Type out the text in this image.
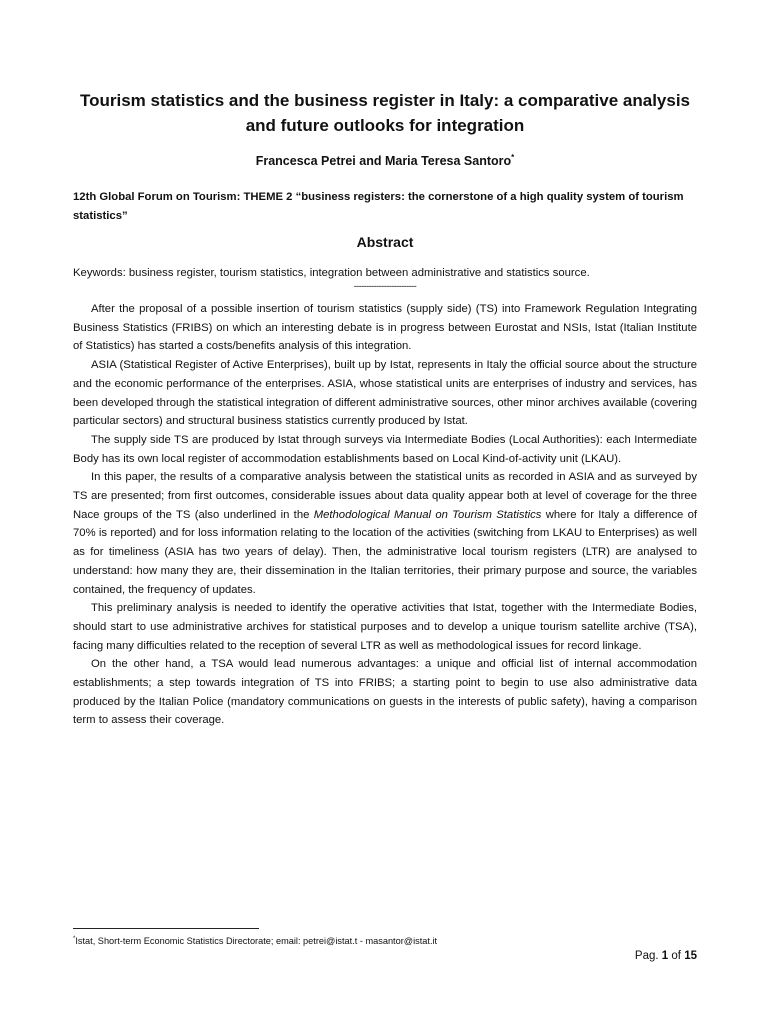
Tourism statistics and the business register in Italy: a comparative analysis and future outlooks for integration
Francesca Petrei and Maria Teresa Santoro*
12th Global Forum on Tourism: THEME 2 “business registers: the cornerstone of a high quality system of tourism statistics”
Abstract
Keywords: business register, tourism statistics, integration between administrative and statistics source.
-------------------------

After the proposal of a possible insertion of tourism statistics (supply side) (TS) into Framework Regulation Integrating Business Statistics (FRIBS) on which an interesting debate is in progress between Eurostat and NSIs, Istat (Italian Institute of Statistics) has started a costs/benefits analysis of this integration.

ASIA (Statistical Register of Active Enterprises), built up by Istat, represents in Italy the official source about the structure and the economic performance of the enterprises. ASIA, whose statistical units are enterprises of industry and services, has been developed through the statistical integration of different administrative sources, other minor archives available (covering particular sectors) and structural business statistics currently produced by Istat.

The supply side TS are produced by Istat through surveys via Intermediate Bodies (Local Authorities): each Intermediate Body has its own local register of accommodation establishments based on Local Kind-of-activity unit (LKAU).

In this paper, the results of a comparative analysis between the statistical units as recorded in ASIA and as surveyed by TS are presented; from first outcomes, considerable issues about data quality appear both at level of coverage for the three Nace groups of the TS (also underlined in the Methodological Manual on Tourism Statistics where for Italy a difference of 70% is reported) and for loss information relating to the location of the activities (switching from LKAU to Enterprises) as well as for timeliness (ASIA has two years of delay). Then, the administrative local tourism registers (LTR) are analysed to understand: how many they are, their dissemination in the Italian territories, their primary purpose and source, the variables contained, the frequency of updates.

This preliminary analysis is needed to identify the operative activities that Istat, together with the Intermediate Bodies, should start to use administrative archives for statistical purposes and to develop a unique tourism satellite archive (TSA), facing many difficulties related to the reception of several LTR as well as methodological issues for record linkage.

On the other hand, a TSA would lead numerous advantages: a unique and official list of internal accommodation establishments; a step towards integration of TS into FRIBS; a starting point to begin to use also administrative data produced by the Italian Police (mandatory communications on guests in the interests of public safety), having a comparison term to assess their coverage.

*Istat, Short-term Economic Statistics Directorate; email: petrei@istat.t - masantor@istat.it
Pag. 1 of 15
